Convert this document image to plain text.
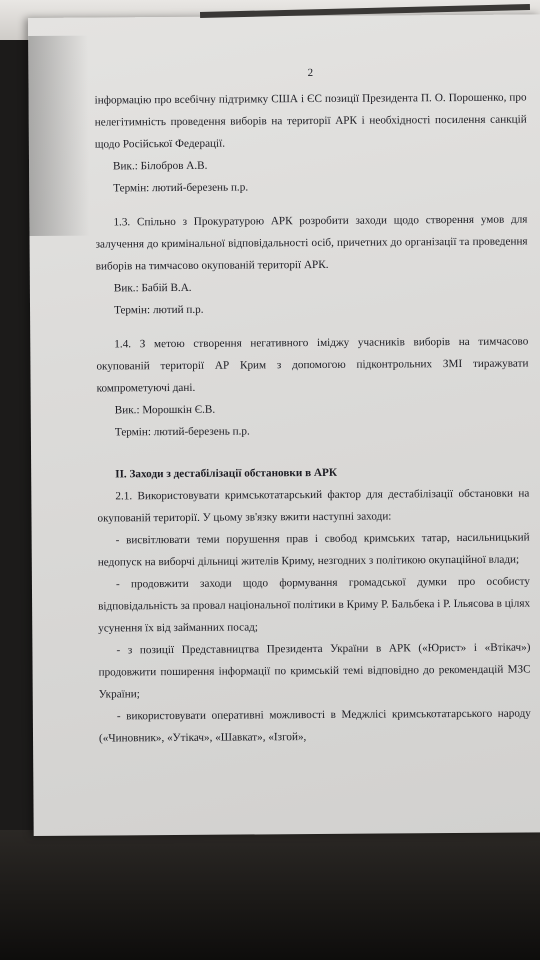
2

інформацію про всебічну підтримку США і ЄС позиції Президента П. О. Порошенко, про нелегітимність проведення виборів на території АРК і необхідності посилення санкцій щодо Російської Федерації.

Вик.: Білобров А.В.

Термін: лютий-березень п.р.

1.3. Спільно з Прокуратурою АРК розробити заходи щодо створення умов для залучення до кримінальної відповідальності осіб, причетних до організації та проведення виборів на тимчасово окупованій території АРК.

Вик.: Бабій В.А.

Термін: лютий п.р.

1.4. З метою створення негативного іміджу учасників виборів на тимчасово окупованій території АР Крим з допомогою підконтрольних ЗМІ тиражувати компрометуючі дані.

Вик.: Морошкін Є.В.

Термін: лютий-березень п.р.

ІІ. Заходи з дестабілізації обстановки в АРК

2.1. Використовувати кримськотатарський фактор для дестабілізації обстановки на окупованій території. У цьому зв'язку вжити наступні заходи:

- висвітлювати теми порушення прав і свобод кримських татар, насильницький недопуск на виборчі дільниці жителів Криму, незгодних з політикою окупаційної влади;

- продовжити заходи щодо формування громадської думки про особисту відповідальність за провал національної політики в Криму Р. Бальбека і Р. Ільясова в цілях усунення їх від займанних посад;

- з позиції Представництва Президента України в АРК («Юрист» і «Втікач») продовжити поширення інформації по кримській темі відповідно до рекомендацій МЗС України;

- використовувати оперативні можливості в Меджлісі кримськотатарського народу («Чиновник», «Утікач», «Шавкат», «Ізгой»,
